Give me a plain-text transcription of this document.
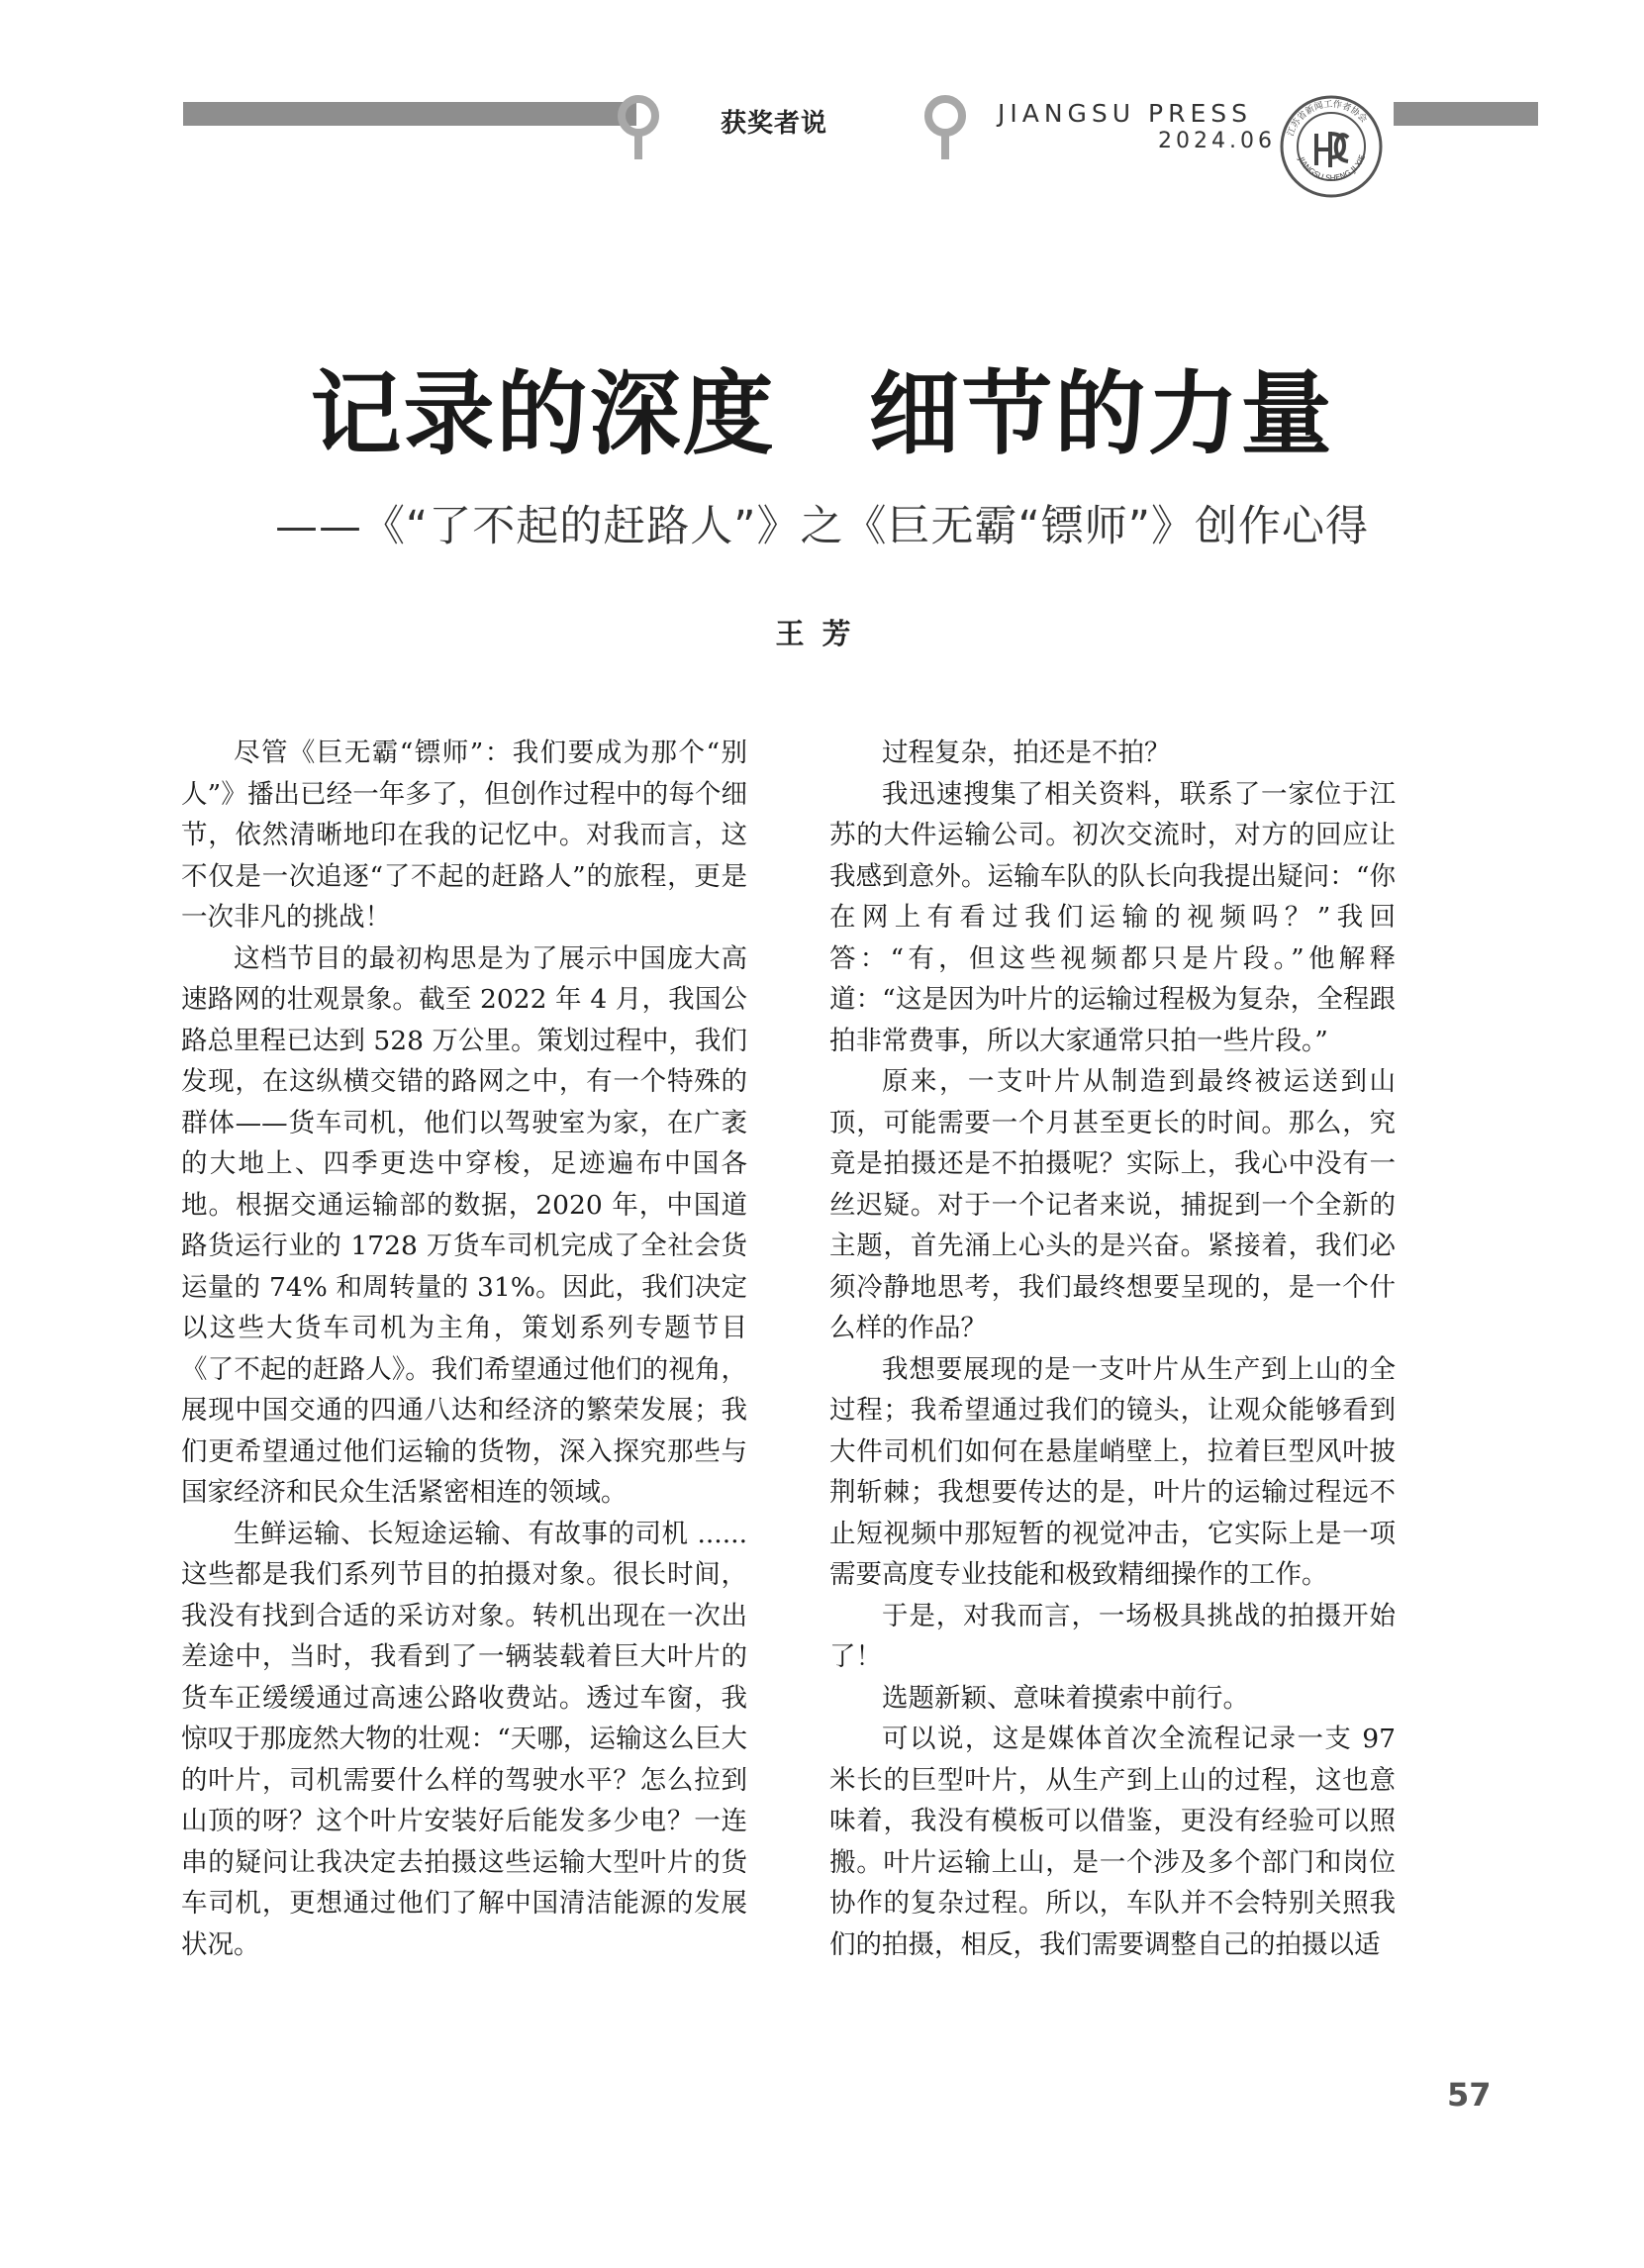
获奖者说	JIANGSU PRESS
2024.06 江苏省新闻工作者协会
JIANGSU SHENG JI XIE
记录的深度　细节的力量
——《“了不起的赶路人”》之《巨无霸“镖师”》创作心得
王芳

尽管《巨无霸“镖师”：我们要成为那个“别人”》播出已经一年多了，但创作过程中的每个细节，依然清晰地印在我的记忆中。对我而言，这不仅是一次追逐“了不起的赶路人”的旅程，更是一次非凡的挑战！

这档节目的最初构思是为了展示中国庞大高速路网的壮观景象。截至 2022 年 4 月，我国公路总里程已达到 528 万公里。策划过程中，我们发现，在这纵横交错的路网之中，有一个特殊的群体——货车司机，他们以驾驶室为家，在广袤的大地上、四季更迭中穿梭，足迹遍布中国各地。根据交通运输部的数据，2020 年，中国道路货运行业的 1728 万货车司机完成了全社会货运量的 74% 和周转量的 31%。因此，我们决定以这些大货车司机为主角，策划系列专题节目《了不起的赶路人》。我们希望通过他们的视角，展现中国交通的四通八达和经济的繁荣发展；我们更希望通过他们运输的货物，深入探究那些与国家经济和民众生活紧密相连的领域。

生鲜运输、长短途运输、有故事的司机 ...... 这些都是我们系列节目的拍摄对象。很长时间，我没有找到合适的采访对象。转机出现在一次出差途中，当时，我看到了一辆装载着巨大叶片的货车正缓缓通过高速公路收费站。透过车窗，我惊叹于那庞然大物的壮观：“天哪，运输这么巨大的叶片，司机需要什么样的驾驶水平？怎么拉到山顶的呀？这个叶片安装好后能发多少电？一连串的疑问让我决定去拍摄这些运输大型叶片的货车司机，更想通过他们了解中国清洁能源的发展状况。

过程复杂，拍还是不拍？

我迅速搜集了相关资料，联系了一家位于江苏的大件运输公司。初次交流时，对方的回应让我感到意外。运输车队的队长向我提出疑问：“你在网上有看过我们运输的视频吗？”我回答：“有，但这些视频都只是片段。”他解释道：“这是因为叶片的运输过程极为复杂，全程跟拍非常费事，所以大家通常只拍一些片段。”

原来，一支叶片从制造到最终被运送到山顶，可能需要一个月甚至更长的时间。那么，究竟是拍摄还是不拍摄呢？实际上，我心中没有一丝迟疑。对于一个记者来说，捕捉到一个全新的主题，首先涌上心头的是兴奋。紧接着，我们必须冷静地思考，我们最终想要呈现的，是一个什么样的作品？

我想要展现的是一支叶片从生产到上山的全过程；我希望通过我们的镜头，让观众能够看到大件司机们如何在悬崖峭壁上，拉着巨型风叶披荆斩棘；我想要传达的是，叶片的运输过程远不止短视频中那短暂的视觉冲击，它实际上是一项需要高度专业技能和极致精细操作的工作。

于是，对我而言，一场极具挑战的拍摄开始了！

选题新颖、意味着摸索中前行。

可以说，这是媒体首次全流程记录一支 97 米长的巨型叶片，从生产到上山的过程，这也意味着，我没有模板可以借鉴，更没有经验可以照搬。叶片运输上山，是一个涉及多个部门和岗位协作的复杂过程。所以，车队并不会特别关照我们的拍摄，相反，我们需要调整自己的拍摄以适

57
